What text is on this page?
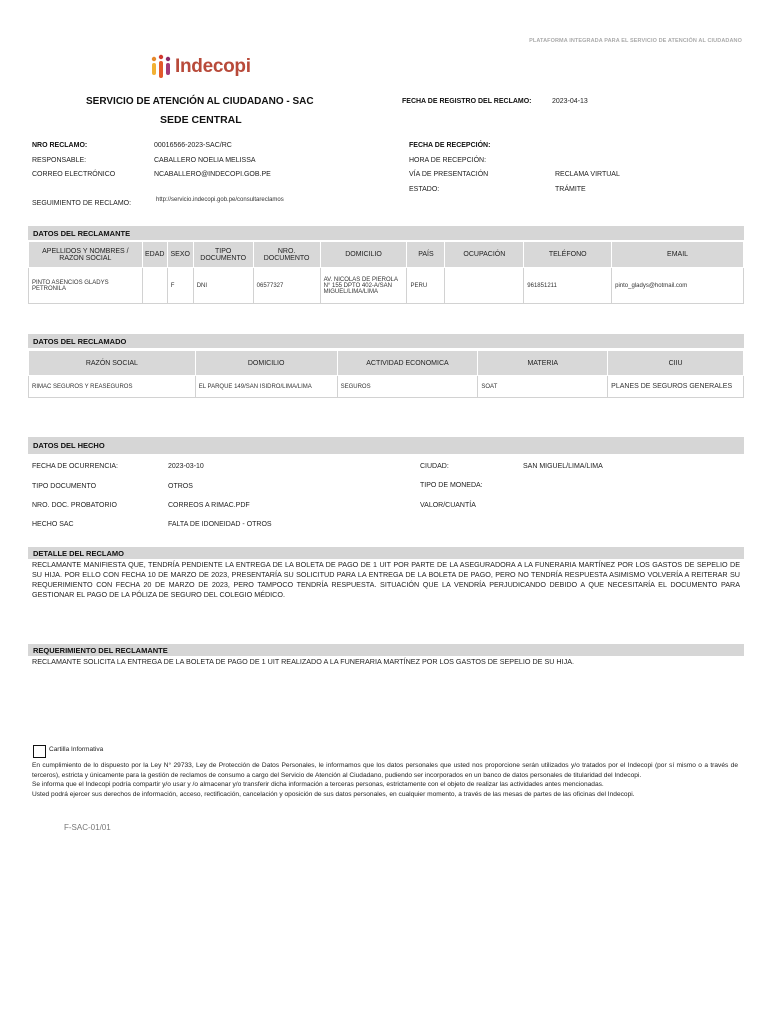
PLATAFORMA INTEGRADA PARA EL SERVICIO DE ATENCIÓN AL CIUDADANO
Indecopi
SERVICIO DE ATENCIÓN AL CIUDADANO - SAC
SEDE CENTRAL
FECHA DE REGISTRO DEL RECLAMO:	2023-04-13
NRO RECLAMO:	00016566-2023-SAC/RC
RESPONSABLE:	CABALLERO NOELIA MELISSA
CORREO ELECTRÓNICO	NCABALLERO@INDECOPI.GOB.PE
SEGUIMIENTO DE RECLAMO:	http://servicio.indecopi.gob.pe/consultareclamos
FECHA DE RECEPCIÓN:
HORA DE RECEPCIÓN:
VÍA DE PRESENTACIÓN	RECLAMA VIRTUAL
ESTADO:	TRÁMITE
DATOS DEL RECLAMANTE
APELLIDOS Y NOMBRES / RAZON SOCIAL	EDAD	SEXO	TIPO DOCUMENTO	NRO. DOCUMENTO	DOMICILIO	PAÍS	OCUPACIÓN	TELÉFONO	EMAIL
PINTO ASENCIOS GLADYS PETRONILA		F	DNI	06577327	AV. NICOLAS DE PIEROLA N° 155 DPTO 402-A/SAN MIGUEL/LIMA/LIMA	PERU		961851211	pinto_gladys@hotmail.com
DATOS DEL RECLAMADO
RAZÓN SOCIAL	DOMICILIO	ACTIVIDAD ECONOMICA	MATERIA	CIIU
RIMAC SEGUROS Y REASEGUROS	EL PARQUE 149/SAN ISIDRO/LIMA/LIMA	SEGUROS	SOAT	PLANES DE SEGUROS GENERALES
DATOS DEL HECHO
FECHA DE OCURRENCIA:	2023-03-10
TIPO DOCUMENTO	OTROS
NRO. DOC. PROBATORIO	CORREOS A RIMAC.PDF
HECHO SAC	FALTA DE IDONEIDAD - OTROS
CIUDAD:	SAN MIGUEL/LIMA/LIMA
TIPO DE MONEDA:
VALOR/CUANTÍA
DETALLE DEL RECLAMO
RECLAMANTE MANIFIESTA QUE, TENDRÍA PENDIENTE LA ENTREGA DE LA BOLETA DE PAGO DE 1 UIT POR PARTE DE LA ASEGURADORA A LA FUNERARIA MARTÍNEZ POR LOS GASTOS DE SEPELIO DE SU HIJA. POR ELLO CON FECHA 10 DE MARZO DE 2023, PRESENTARÍA SU SOLICITUD PARA LA ENTREGA DE LA BOLETA DE PAGO, PERO NO TENDRÍA RESPUESTA ASIMISMO VOLVERÍA A REITERAR SU REQUERIMIENTO CON FECHA 20 DE MARZO DE 2023, PERO TAMPOCO TENDRÍA RESPUESTA. SITUACIÓN QUE LA VENDRÍA PERJUDICANDO DEBIDO A QUE NECESITARÍA EL DOCUMENTO PARA GESTIONAR EL PAGO DE LA PÓLIZA DE SEGURO DEL COLEGIO MÉDICO.
REQUERIMIENTO DEL RECLAMANTE
RECLAMANTE SOLICITA LA ENTREGA DE LA BOLETA DE PAGO DE 1 UIT REALIZADO A LA FUNERARIA MARTÍNEZ POR LOS GASTOS DE SEPELIO DE SU HIJA.
Cartilla Informativa

En cumplimiento de lo dispuesto por la Ley N° 29733, Ley de Protección de Datos Personales, le informamos que los datos personales que usted nos proporcione serán utilizados y/o tratados por el Indecopi (por sí mismo o a través de terceros), estricta y únicamente para la gestión de reclamos de consumo a cargo del Servicio de Atención al Ciudadano, pudiendo ser incorporados en un banco de datos personales de titularidad del Indecopi.

Se informa que el Indecopi podría compartir y/o usar y /o almacenar y/o transferir dicha información a terceras personas, estrictamente con el objeto de realizar las actividades antes mencionadas.

Usted podrá ejercer sus derechos de información, acceso, rectificación, cancelación y oposición de sus datos personales, en cualquier momento, a través de las mesas de partes de las oficinas del Indecopi.

F-SAC-01/01
